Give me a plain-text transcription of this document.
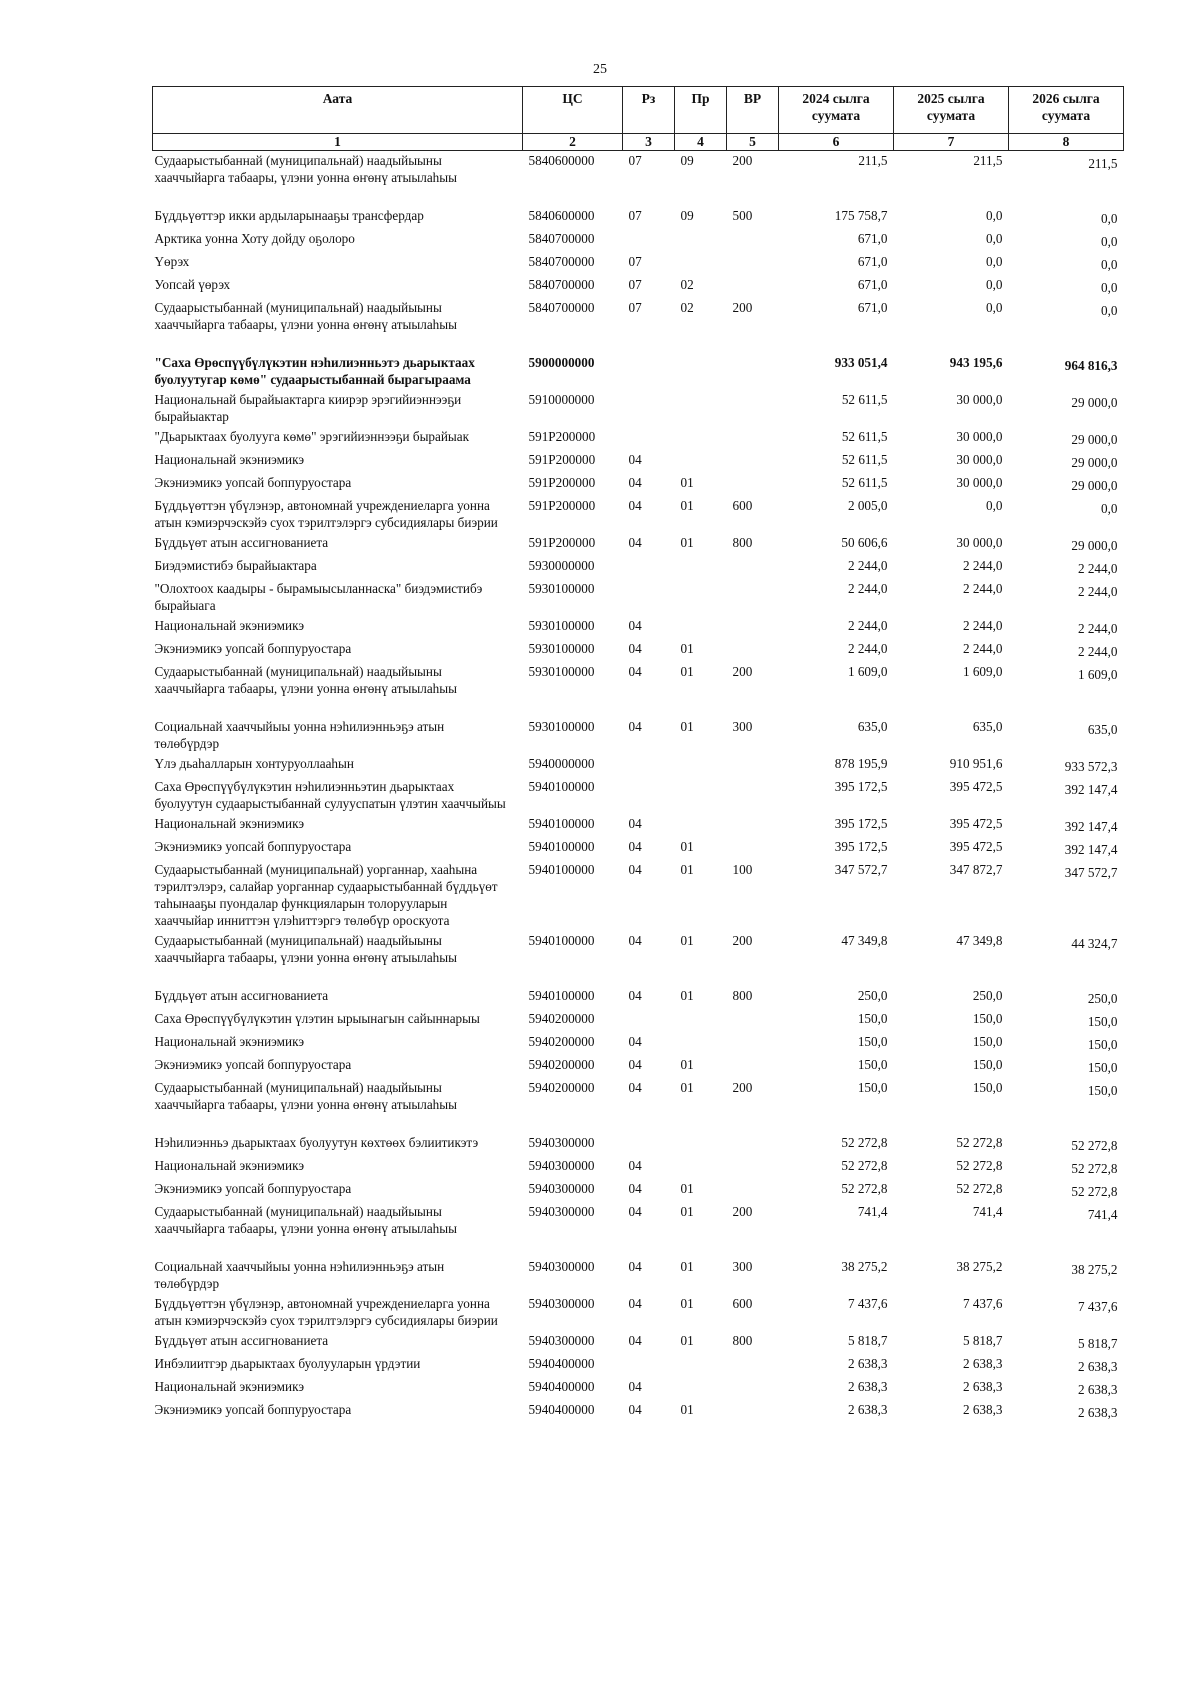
25
Аата	ЦС	Рз	Пр	ВР	2024 сылга суумата	2025 сылга суумата	2026 сылга суумата
1	2	3	4	5	6	7	8
Судаарыстыбаннай (муниципальнай) наадыйыыны хааччыйарга табаары, үлэни уонна өҥөнү атыылаһыы	5840600000	07	09	200	211,5	211,5	211,5
Бүддьүөттэр икки ардыларынааҕы трансфердар	5840600000	07	09	500	175 758,7	0,0	0,0
Арктика уонна Хоту дойду оҕолоро	5840700000				671,0	0,0	0,0
Үөрэх	5840700000	07			671,0	0,0	0,0
Уопсай үөрэх	5840700000	07	02		671,0	0,0	0,0
Судаарыстыбаннай (муниципальнай) наадыйыыны хааччыйарга табаары, үлэни уонна өҥөнү атыылаһыы	5840700000	07	02	200	671,0	0,0	0,0
"Саха Өрөспүүбүлүкэтин нэһилиэнньэтэ дьарыктаах буолуутугар көмө" судаарыстыбаннай бырагыраама	5900000000				933 051,4	943 195,6	964 816,3
Национальнай бырайыактарга киирэр эрэгийиэннээҕи бырайыактар	5910000000				52 611,5	30 000,0	29 000,0
"Дьарыктаах буолууга көмө" эрэгийиэннээҕи бырайыак	591Р200000				52 611,5	30 000,0	29 000,0
Национальнай экэниэмикэ	591Р200000	04			52 611,5	30 000,0	29 000,0
Экэниэмикэ уопсай боппуруостара	591Р200000	04	01		52 611,5	30 000,0	29 000,0
Бүддьүөттэн үбүлэнэр, автономнай учреждениеларга уонна атын кэмиэрчэскэйэ суох тэрилтэлэргэ субсидиялары биэрии	591Р200000	04	01	600	2 005,0	0,0	0,0
Бүддьүөт атын ассигнованиета	591Р200000	04	01	800	50 606,6	30 000,0	29 000,0
Биэдэмистибэ бырайыактара	5930000000				2 244,0	2 244,0	2 244,0
"Олохтоох каадыры - бырамыысыланнаска" биэдэмистибэ бырайыага	5930100000				2 244,0	2 244,0	2 244,0
Национальнай экэниэмикэ	5930100000	04			2 244,0	2 244,0	2 244,0
Экэниэмикэ уопсай боппуруостара	5930100000	04	01		2 244,0	2 244,0	2 244,0
Судаарыстыбаннай (муниципальнай) наадыйыыны хааччыйарга табаары, үлэни уонна өҥөнү атыылаһыы	5930100000	04	01	200	1 609,0	1 609,0	1 609,0
Социальнай хааччыйыы уонна нэһилиэнньэҕэ атын төлөбүрдэр	5930100000	04	01	300	635,0	635,0	635,0
Үлэ дьаһалларын хонтуруоллааһын	5940000000				878 195,9	910 951,6	933 572,3
Саха Өрөспүүбүлүкэтин нэһилиэнньэтин дьарыктаах буолуутун судаарыстыбаннай сулууспатын үлэтин хааччыйыы	5940100000				395 172,5	395 472,5	392 147,4
Национальнай экэниэмикэ	5940100000	04			395 172,5	395 472,5	392 147,4
Экэниэмикэ уопсай боппуруостара	5940100000	04	01		395 172,5	395 472,5	392 147,4
Судаарыстыбаннай (муниципальнай) уорганнар, хааһына тэрилтэлэрэ, салайар уорганнар судаарыстыбаннай бүддьүөт таһынааҕы пуондалар функцияларын толорууларын хааччыйар инниттэн үлэһиттэргэ төлөбүр ороскуота	5940100000	04	01	100	347 572,7	347 872,7	347 572,7
Судаарыстыбаннай (муниципальнай) наадыйыыны хааччыйарга табаары, үлэни уонна өҥөнү атыылаһыы	5940100000	04	01	200	47 349,8	47 349,8	44 324,7
Бүддьүөт атын ассигнованиета	5940100000	04	01	800	250,0	250,0	250,0
Саха Өрөспүүбүлүкэтин үлэтин ырыынагын сайыннарыы	5940200000				150,0	150,0	150,0
Национальнай экэниэмикэ	5940200000	04			150,0	150,0	150,0
Экэниэмикэ уопсай боппуруостара	5940200000	04	01		150,0	150,0	150,0
Судаарыстыбаннай (муниципальнай) наадыйыыны хааччыйарга табаары, үлэни уонна өҥөнү атыылаһыы	5940200000	04	01	200	150,0	150,0	150,0
Нэһилиэнньэ дьарыктаах буолуутун көхтөөх бэлиитикэтэ	5940300000				52 272,8	52 272,8	52 272,8
Национальнай экэниэмикэ	5940300000	04			52 272,8	52 272,8	52 272,8
Экэниэмикэ уопсай боппуруостара	5940300000	04	01		52 272,8	52 272,8	52 272,8
Судаарыстыбаннай (муниципальнай) наадыйыыны хааччыйарга табаары, үлэни уонна өҥөнү атыылаһыы	5940300000	04	01	200	741,4	741,4	741,4
Социальнай хааччыйыы уонна нэһилиэнньэҕэ атын төлөбүрдэр	5940300000	04	01	300	38 275,2	38 275,2	38 275,2
Бүддьүөттэн үбүлэнэр, автономнай учреждениеларга уонна атын кэмиэрчэскэйэ суох тэрилтэлэргэ субсидиялары биэрии	5940300000	04	01	600	7 437,6	7 437,6	7 437,6
Бүддьүөт атын ассигнованиета	5940300000	04	01	800	5 818,7	5 818,7	5 818,7
Инбэлиитгэр дьарыктаах буолууларын үрдэтии	5940400000				2 638,3	2 638,3	2 638,3
Национальнай экэниэмикэ	5940400000	04			2 638,3	2 638,3	2 638,3
Экэниэмикэ уопсай боппуруостара	5940400000	04	01		2 638,3	2 638,3	2 638,3
